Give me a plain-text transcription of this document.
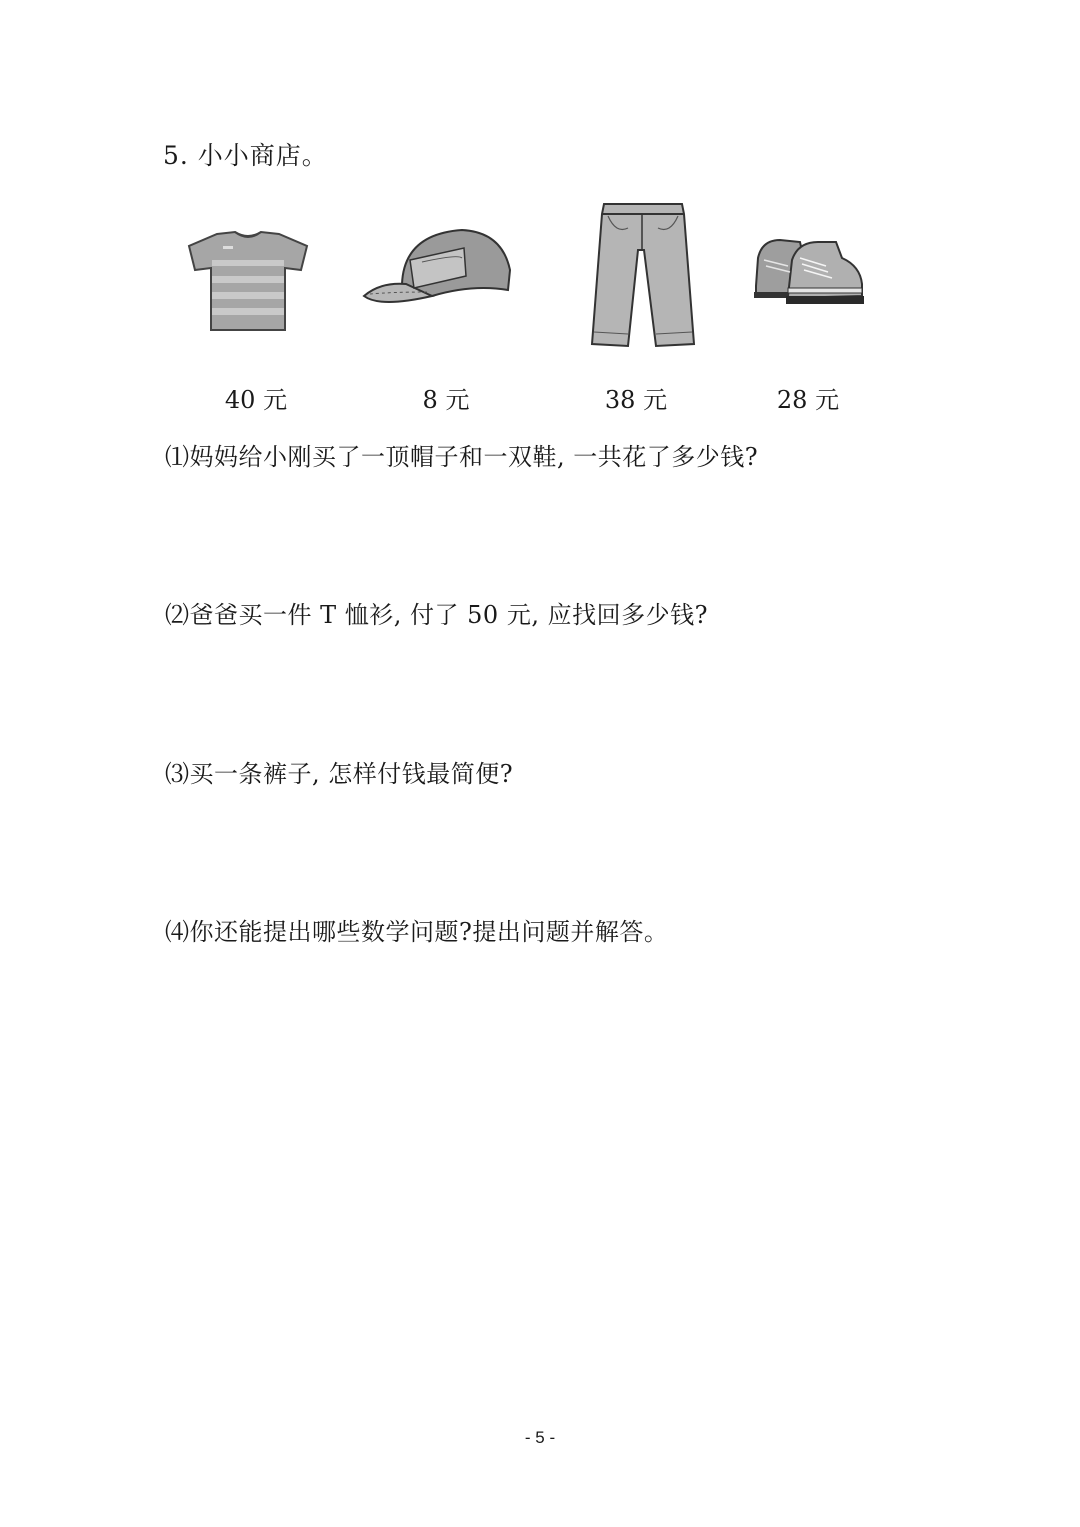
5. 小小商店。
40 元	8 元	38 元	28 元
⑴妈妈给小刚买了一顶帽子和一双鞋, 一共花了多少钱?
⑵爸爸买一件 T 恤衫, 付了 50 元, 应找回多少钱?
⑶买一条裤子, 怎样付钱最简便?
⑷你还能提出哪些数学问题?提出问题并解答。
- 5 -
